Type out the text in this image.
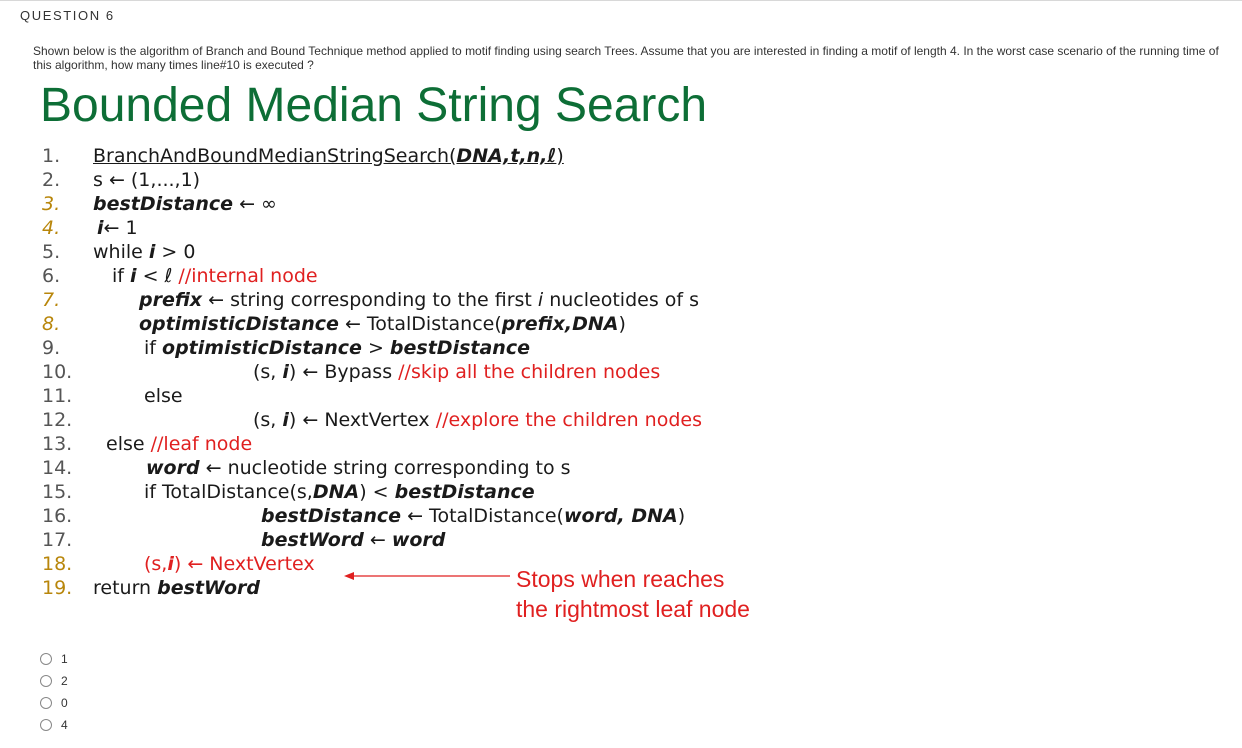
QUESTION 6
Shown below is the algorithm of Branch and Bound Technique method applied to motif finding using search Trees. Assume that you are interested in finding a motif of length 4. In the worst case scenario of the running time of this algorithm, how many times line#10 is executed ?
Bounded Median String Search
1. BranchAndBoundMedianStringSearch(DNA,t,n,ℓ)
2. s ← (1,...,1)
3. bestDistance ← ∞
4. i← 1
5. while i > 0
6.	if i < ℓ //internal node
7.	prefix ← string corresponding to the first i nucleotides of s
8.	optimisticDistance ← TotalDistance(prefix,DNA)
9.	if optimisticDistance > bestDistance
10.	(s, i) ← Bypass //skip all the children nodes
11.	else
12.	(s, i) ← NextVertex //explore the children nodes
13. else //leaf node
14.	word ← nucleotide string corresponding to s
15.	if TotalDistance(s,DNA) < bestDistance
16.	bestDistance ← TotalDistance(word, DNA)
17.	bestWord ← word
18.	(s,i) ← NextVertex
19. return bestWord	Stops when reaches
the rightmost leaf node
1
2
0
4
